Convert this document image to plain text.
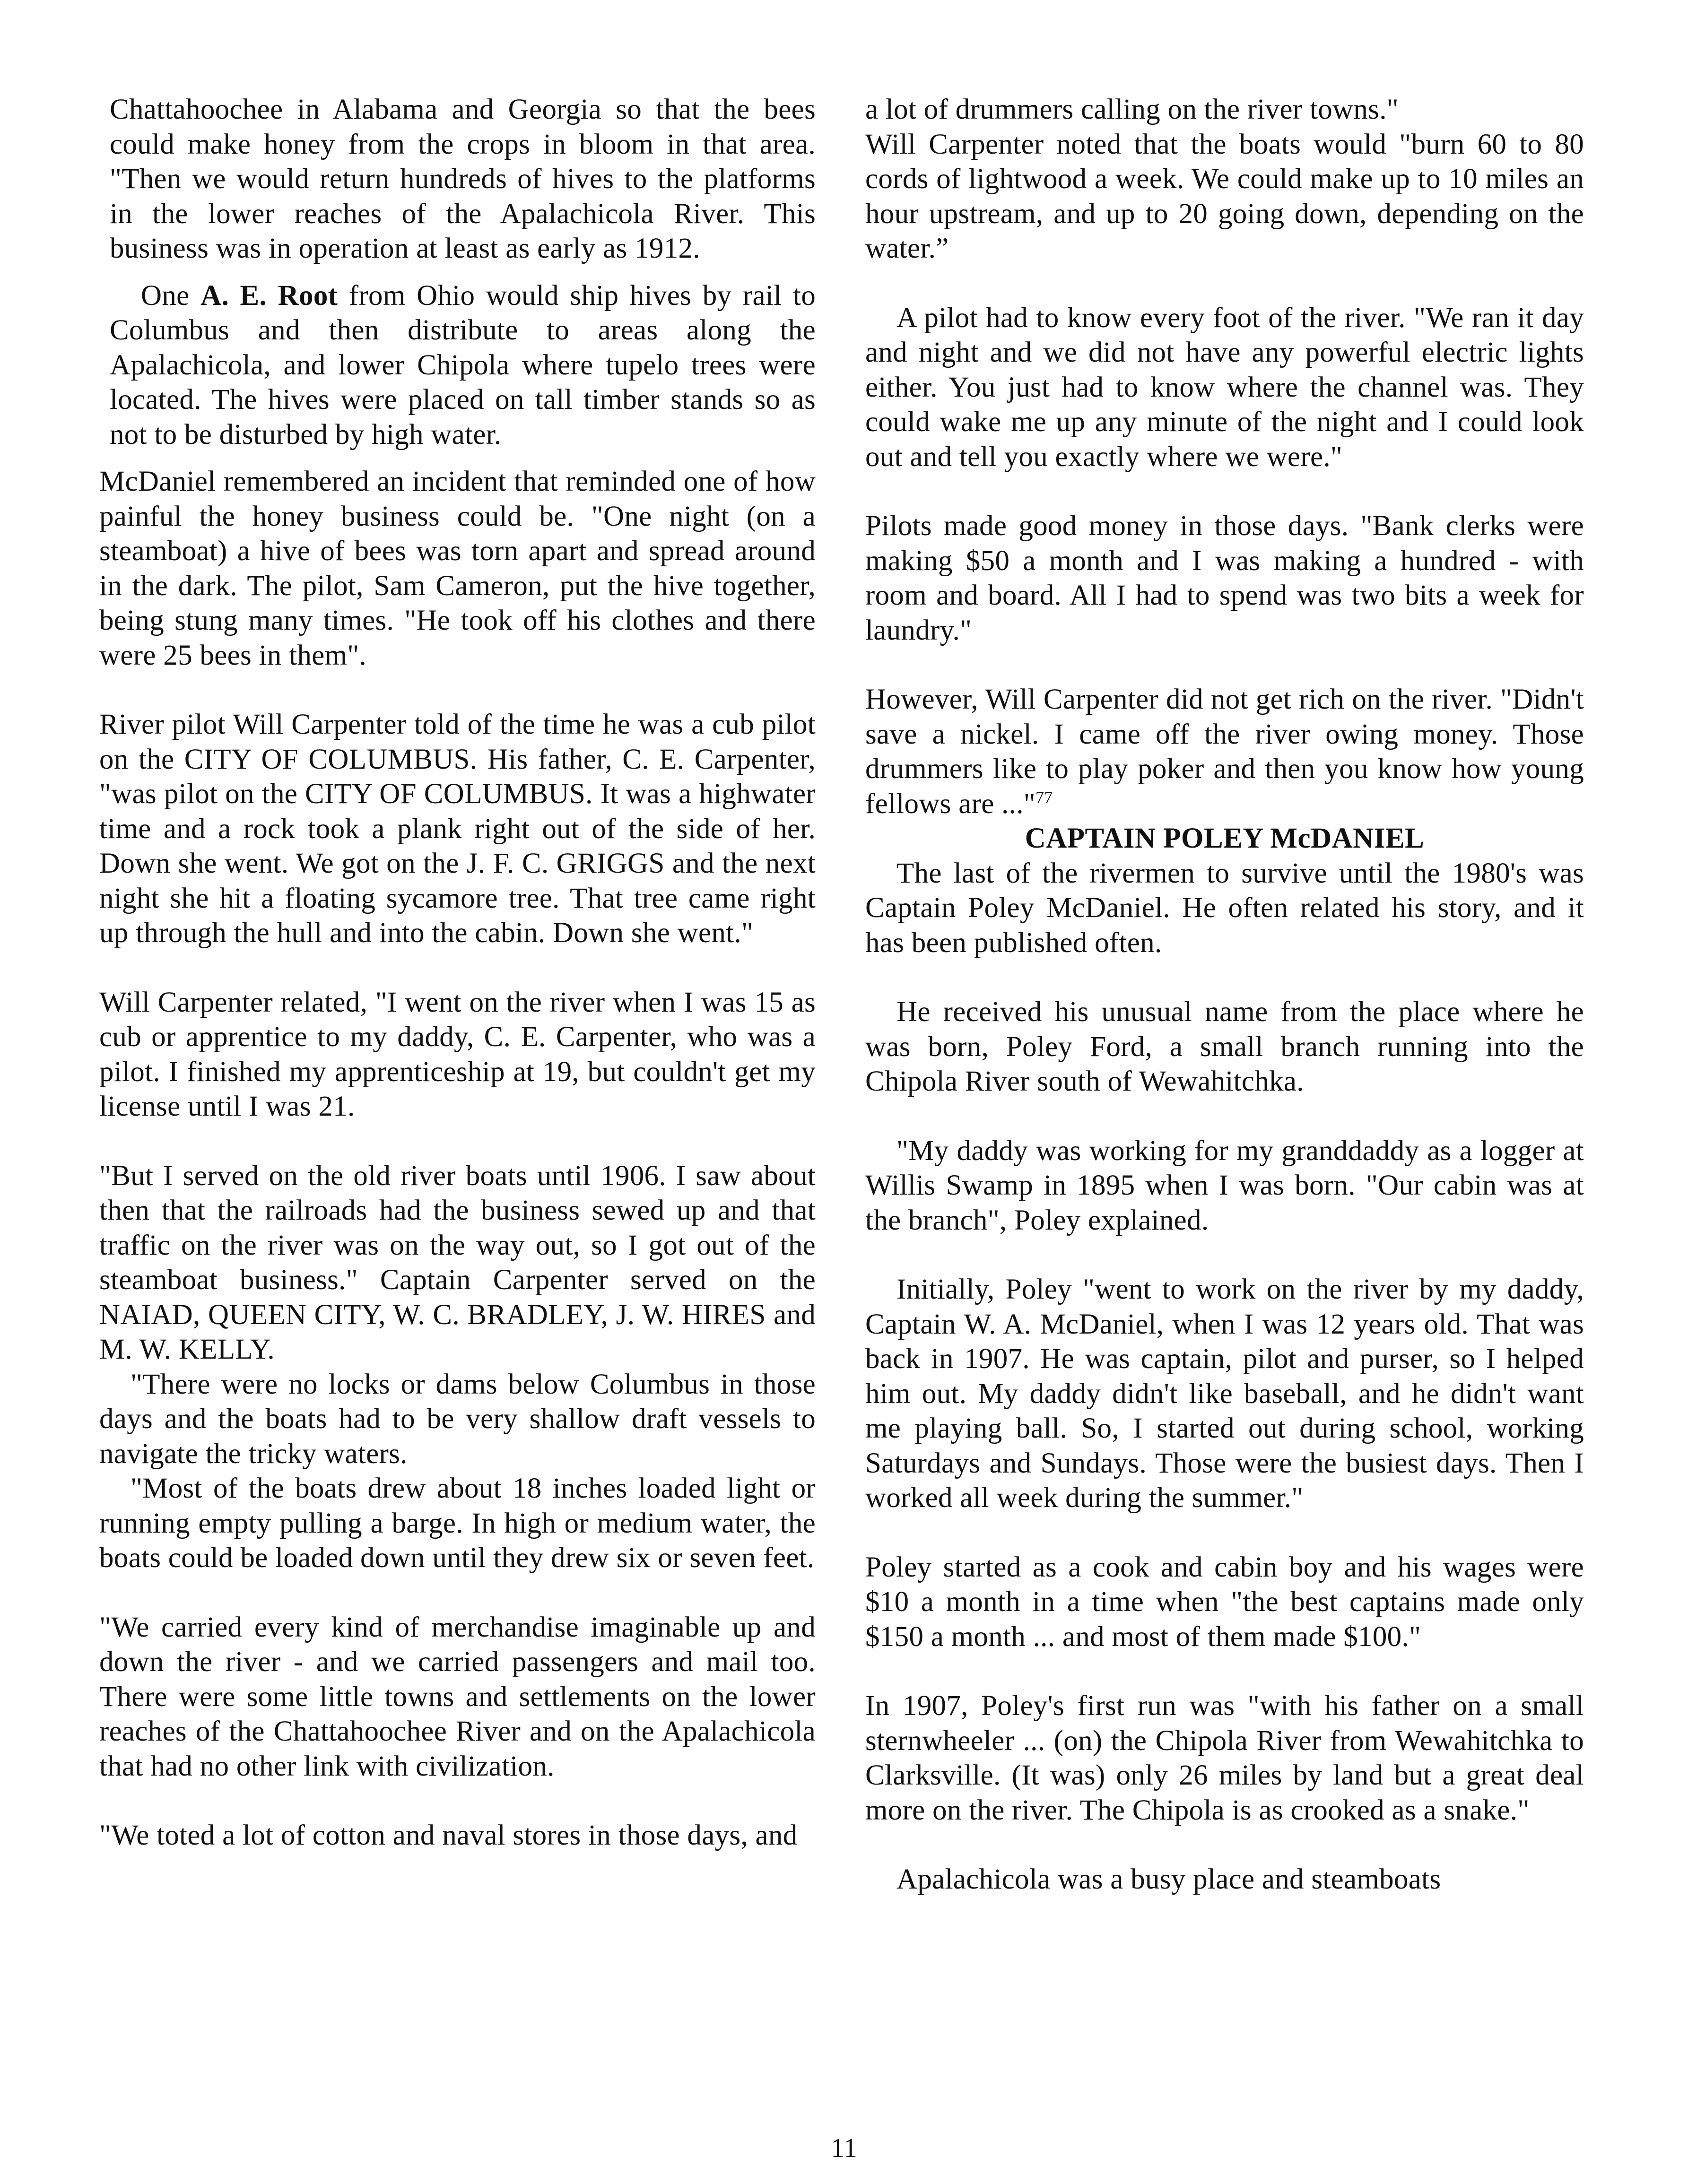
Chattahoochee in Alabama and Georgia so that the bees could make honey from the crops in bloom in that area. "Then we would return hundreds of hives to the platforms in the lower reaches of the Apalachicola River. This business was in operation at least as early as 1912.

One A. E. Root from Ohio would ship hives by rail to Columbus and then distribute to areas along the Apalachicola, and lower Chipola where tupelo trees were located. The hives were placed on tall timber stands so as not to be disturbed by high water.

McDaniel remembered an incident that reminded one of how painful the honey business could be. "One night (on a steamboat) a hive of bees was torn apart and spread around in the dark. The pilot, Sam Cameron, put the hive together, being stung many times. "He took off his clothes and there were 25 bees in them".

River pilot Will Carpenter told of the time he was a cub pilot on the CITY OF COLUMBUS. His father, C. E. Carpenter, "was pilot on the CITY OF COLUMBUS. It was a highwater time and a rock took a plank right out of the side of her. Down she went. We got on the J. F. C. GRIGGS and the next night she hit a floating sycamore tree. That tree came right up through the hull and into the cabin. Down she went."

Will Carpenter related, "I went on the river when I was 15 as cub or apprentice to my daddy, C. E. Carpenter, who was a pilot. I finished my apprenticeship at 19, but couldn't get my license until I was 21.

"But I served on the old river boats until 1906. I saw about then that the railroads had the business sewed up and that traffic on the river was on the way out, so I got out of the steamboat business." Captain Carpenter served on the NAIAD, QUEEN CITY, W. C. BRADLEY, J. W. HIRES and M. W. KELLY.

"There were no locks or dams below Columbus in those days and the boats had to be very shallow draft vessels to navigate the tricky waters.

"Most of the boats drew about 18 inches loaded light or running empty pulling a barge. In high or medium water, the boats could be loaded down until they drew six or seven feet.

"We carried every kind of merchandise imaginable up and down the river - and we carried passengers and mail too. There were some little towns and settlements on the lower reaches of the Chattahoochee River and on the Apalachicola that had no other link with civilization.

"We toted a lot of cotton and naval stores in those days, and

a lot of drummers calling on the river towns."

Will Carpenter noted that the boats would "burn 60 to 80 cords of lightwood a week. We could make up to 10 miles an hour upstream, and up to 20 going down, depending on the water.”

A pilot had to know every foot of the river. "We ran it day and night and we did not have any powerful electric lights either. You just had to know where the channel was. They could wake me up any minute of the night and I could look out and tell you exactly where we were."

Pilots made good money in those days. "Bank clerks were making $50 a month and I was making a hundred - with room and board. All I had to spend was two bits a week for laundry."

However, Will Carpenter did not get rich on the river. "Didn't save a nickel. I came off the river owing money. Those drummers like to play poker and then you know how young fellows are ..."$^{77}$

CAPTAIN POLEY McDANIEL

The last of the rivermen to survive until the 1980's was Captain Poley McDaniel. He often related his story, and it has been published often.

He received his unusual name from the place where he was born, Poley Ford, a small branch running into the Chipola River south of Wewahitchka.

"My daddy was working for my granddaddy as a logger at Willis Swamp in 1895 when I was born. "Our cabin was at the branch", Poley explained.

Initially, Poley "went to work on the river by my daddy, Captain W. A. McDaniel, when I was 12 years old. That was back in 1907. He was captain, pilot and purser, so I helped him out. My daddy didn't like baseball, and he didn't want me playing ball. So, I started out during school, working Saturdays and Sundays. Those were the busiest days. Then I worked all week during the summer."

Poley started as a cook and cabin boy and his wages were $10 a month in a time when "the best captains made only $150 a month ... and most of them made $100."

In 1907, Poley's first run was "with his father on a small sternwheeler ... (on) the Chipola River from Wewahitchka to Clarksville. (It was) only 26 miles by land but a great deal more on the river. The Chipola is as crooked as a snake."

Apalachicola was a busy place and steamboats

11
